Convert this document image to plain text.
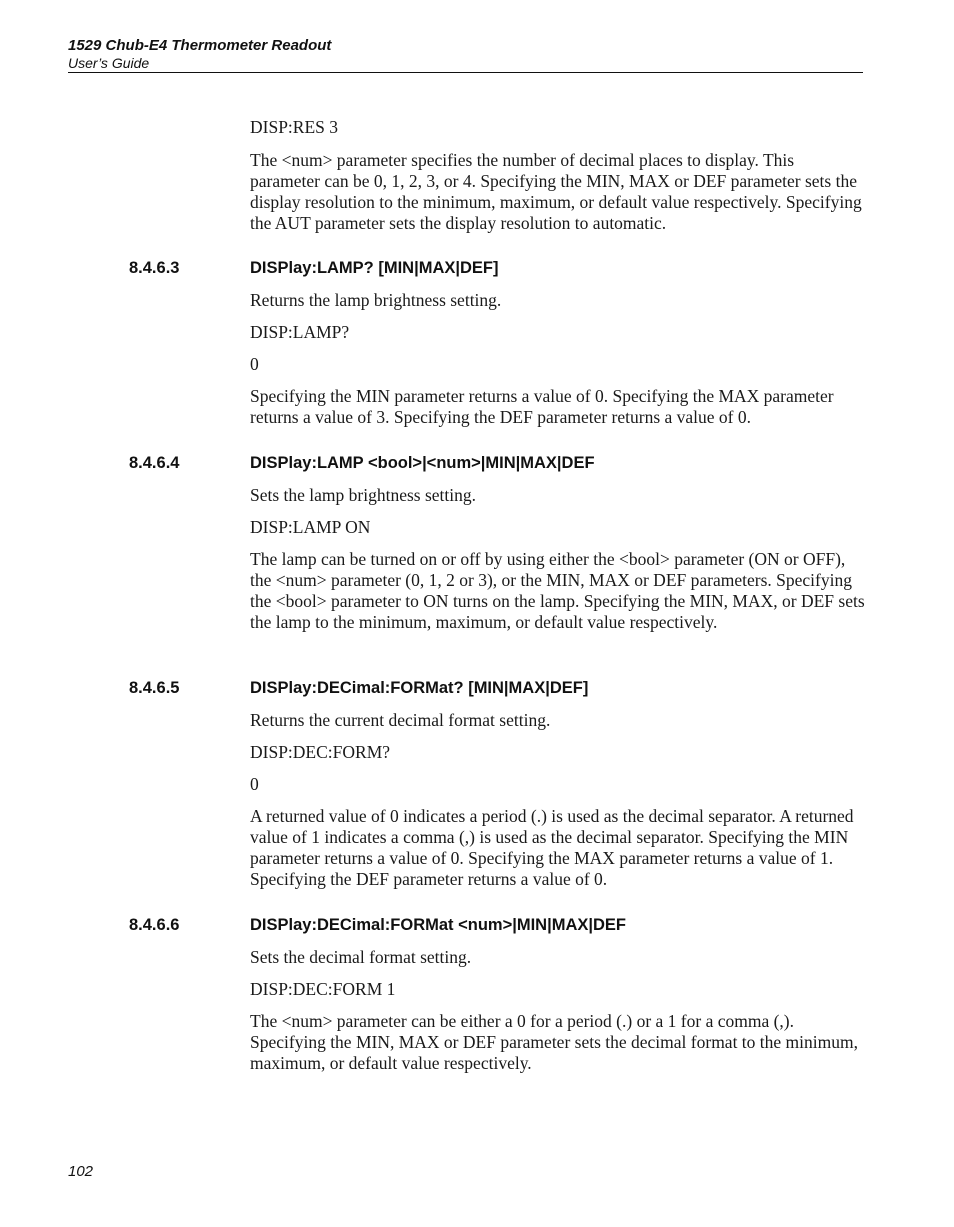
1529 Chub-E4 Thermometer Readout
User’s Guide
DISP:RES 3
The <num> parameter specifies the number of decimal places to display. This parameter can be 0, 1, 2, 3, or 4. Specifying the MIN, MAX or DEF parameter sets the display resolution to the minimum, maximum, or default value respectively. Specifying the AUT parameter sets the display resolution to automatic.
8.4.6.3	DISPlay:LAMP? [MIN|MAX|DEF]
Returns the lamp brightness setting.
DISP:LAMP?
0
Specifying the MIN parameter returns a value of 0. Specifying the MAX parameter returns a value of 3. Specifying the DEF parameter returns a value of 0.
8.4.6.4	DISPlay:LAMP <bool>|<num>|MIN|MAX|DEF
Sets the lamp brightness setting.
DISP:LAMP ON
The lamp can be turned on or off by using either the <bool> parameter (ON or OFF), the <num> parameter (0, 1, 2 or 3), or the MIN, MAX or DEF parameters. Specifying the <bool> parameter to ON turns on the lamp. Specifying the MIN, MAX, or DEF sets the lamp to the minimum, maximum, or default value respectively.
8.4.6.5	DISPlay:DECimal:FORMat? [MIN|MAX|DEF]
Returns the current decimal format setting.
DISP:DEC:FORM?
0
A returned value of 0 indicates a period (.) is used as the decimal separator. A returned value of 1 indicates a comma (,) is used as the decimal separator. Specifying the MIN parameter returns a value of 0. Specifying the MAX parameter returns a value of 1. Specifying the DEF parameter returns a value of 0.
8.4.6.6	DISPlay:DECimal:FORMat <num>|MIN|MAX|DEF
Sets the decimal format setting.
DISP:DEC:FORM 1
The <num> parameter can be either a 0 for a period (.) or a 1 for a comma (,). Specifying the MIN, MAX or DEF parameter sets the decimal format to the minimum, maximum, or default value respectively.
102
